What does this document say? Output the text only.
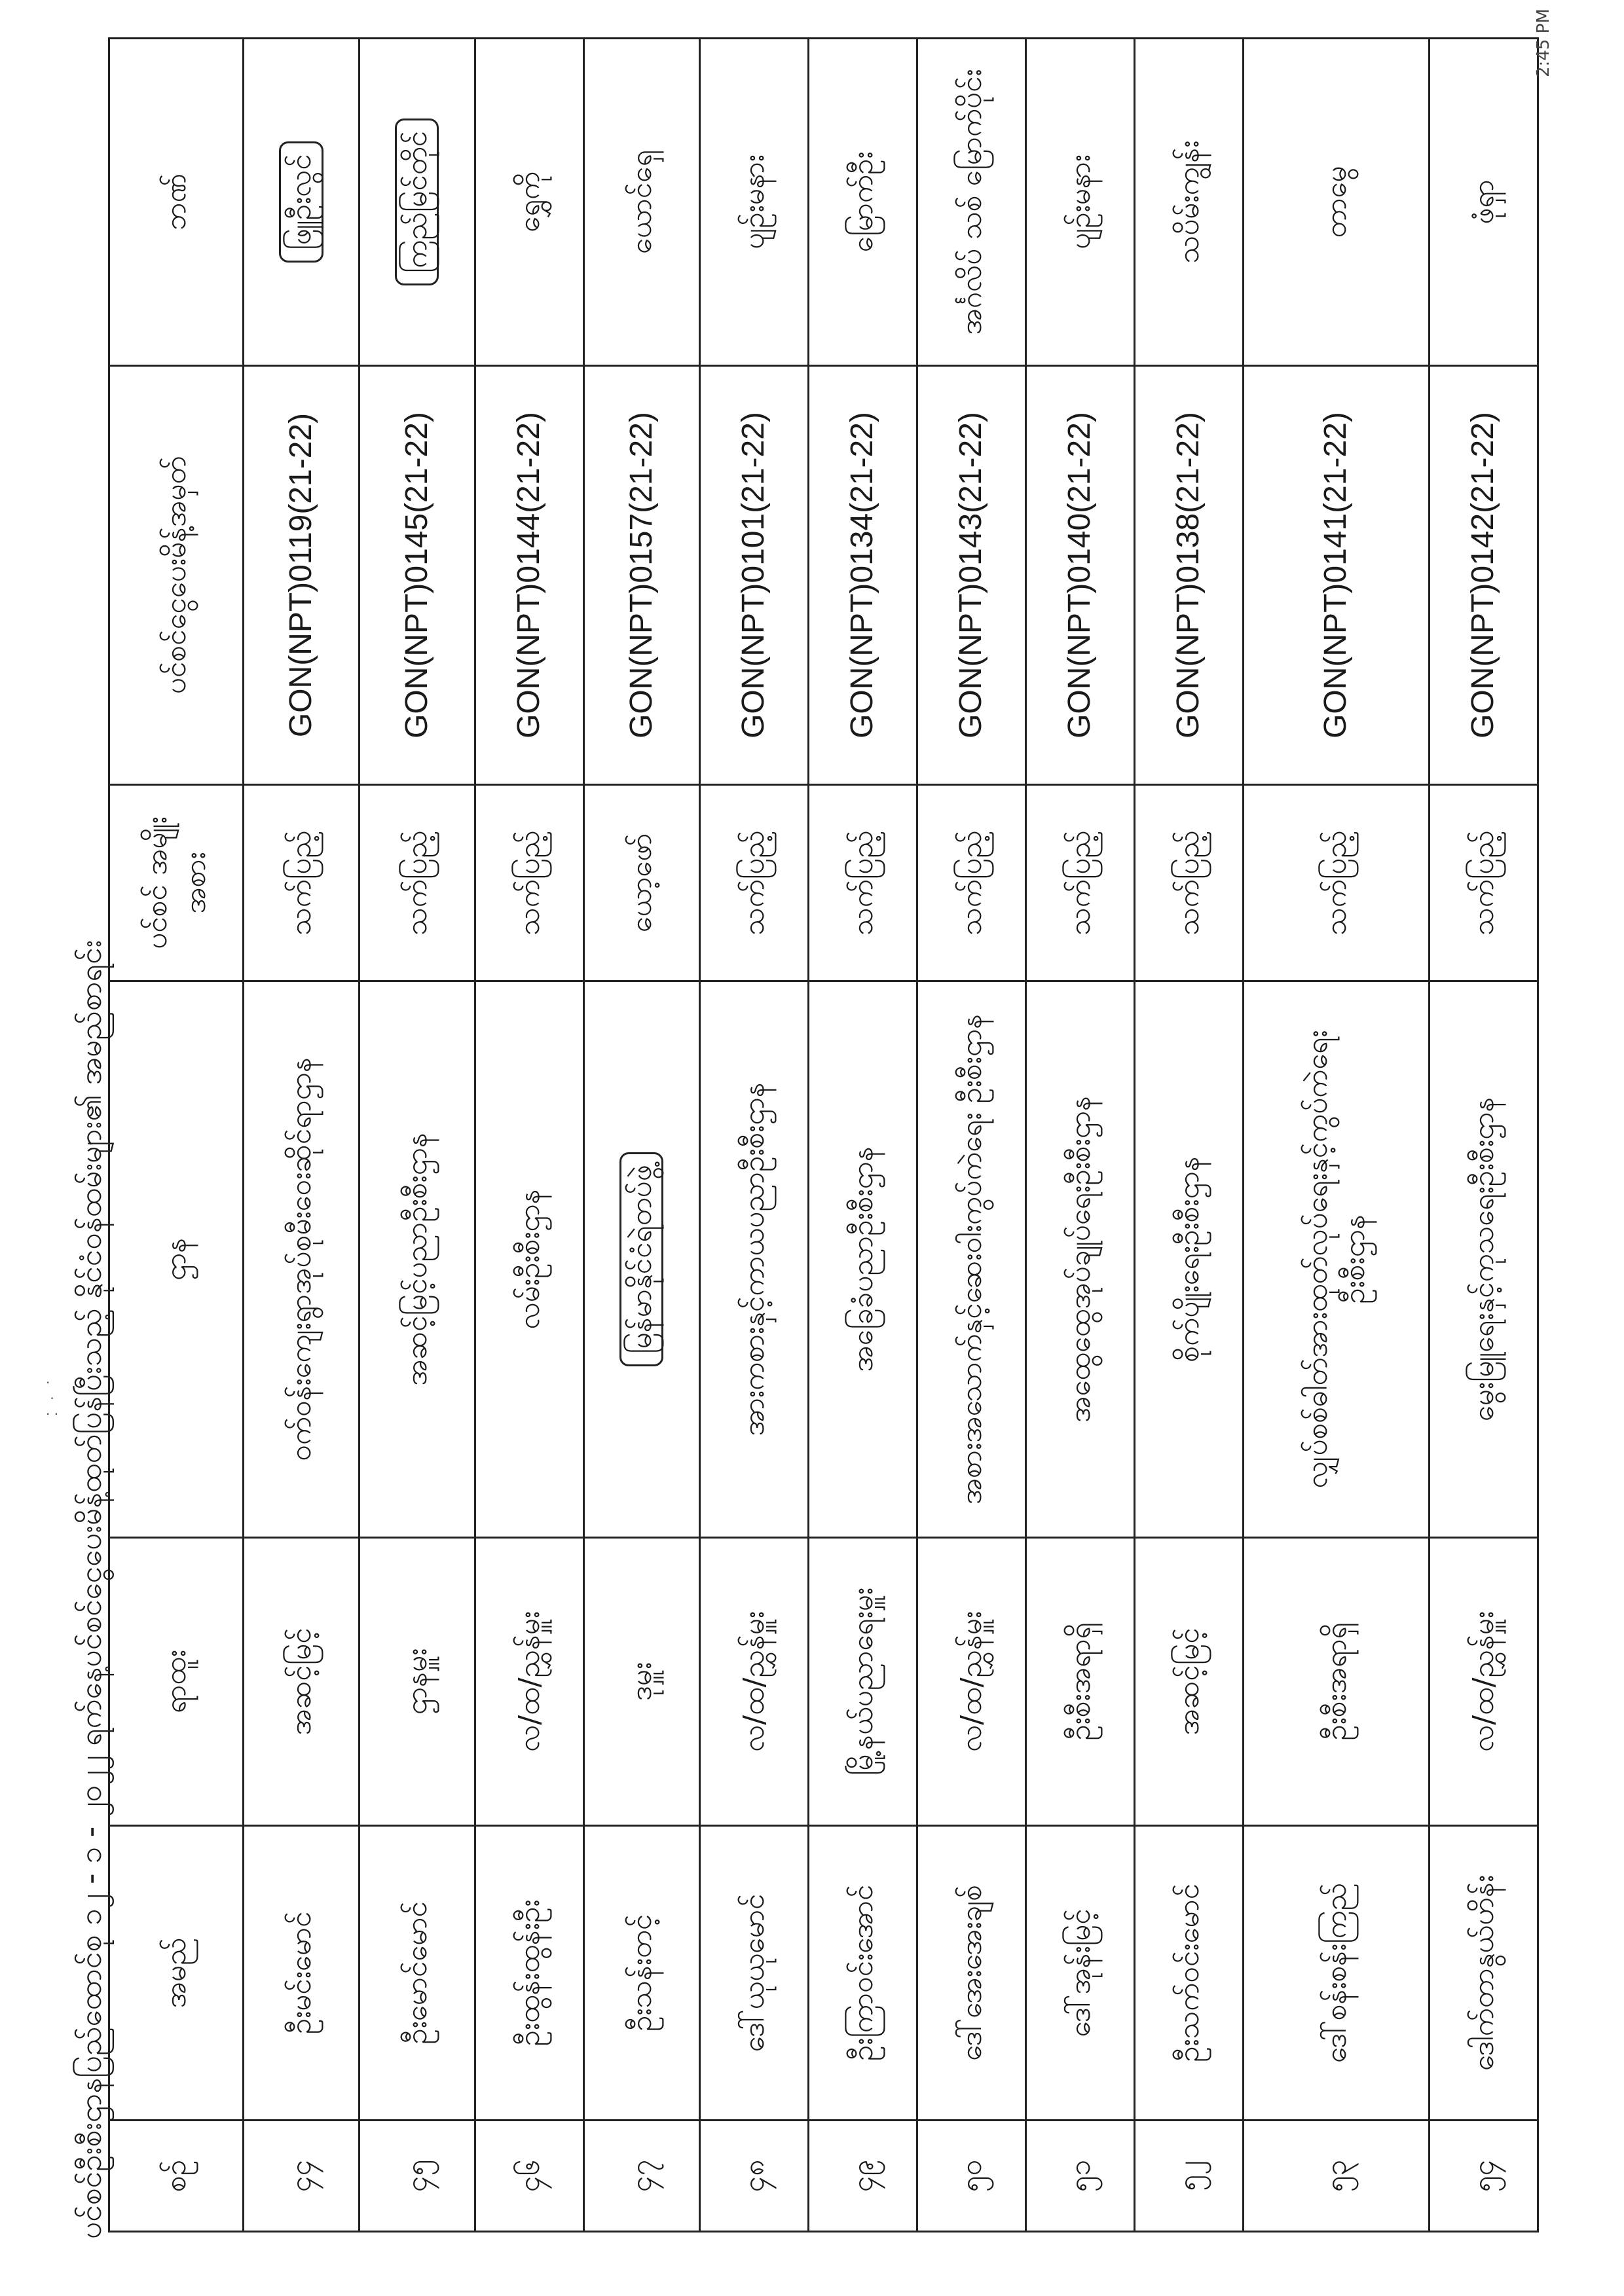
ပင်စင်ဦးစီးဌာနပြည်ထောင်စု ၁၂ - ၁ - ၂၀၂၂ ရက်နေ့ပင်စင်ငွေပေးမိန့်ထုတ်ပြန်ပြီးသည့် နိုင်ငံဝန်ထမ်းများ၏ အမည်စာရင်း စဉ်	အမည်	ရာထူး	ဌာန	ပင်စင် အမျိုးအစား	ပင်စင်ငွေပေးမိန့်အမှတ်	ဘဏ်
၄၄	ဦးမင်းမောင်	အဆင့်မြင့်	ဝက်ဝန်းကျေးရွာအုပ်စုမီးဝေးဆိုင်ရာဌာန	သက်ပြည့်	GON(NPT)0119(21-22)	ဖြူဦးလွင်
၄၅	ဦးမောင်မောင်	ဌာနမှူး	အဆင့်မြင့်ပညာဦးစီးဌာန	သက်ပြည့်	GON(NPT)0145(21-22)	ကြည်မြင်တိုင်
၄၆	ဦးထွန်းထွန်းဦး	လ/ထ/ညွှန်မှူး	လမ်းဦးစီးဌာန	သက်ပြည့်	GON(NPT)0144(21-22)	ရွှေကို
၄၇	ဦးသန်းတင့်	ဒုမှူး	မြန်မာနိုင်ငံရဲတပ်ဖွဲ့	ယော့ဖော်	GON(NPT)0157(21-22)	ယောင်ရှေ
၄၈	ဒေါ်ယုယုမောင်	လ/ထ/ညွှန်မှူး	အားကစားနှင့်ကာယပညာဦးစီးဌာန	သက်ပြည့်	GON(NPT)0101(21-22)	ပျဉ်းမနား
၄၉	ဦးကြာဝင်းအောင်	မြို့နယ်ပညာရေးမှူး	အခြေခံပညာဦးစီးဌာန	သက်ပြည့်	GON(NPT)0134(21-22)	မြောက်ဦး
၅၀	ဒေါ်အေးအေးချစ်	လ/ထ/ညွှန်မှူး	အစားအသောက်နှင့်ဆေးဝါးကွပ်ကဲရေး ဦးစီးဌာန	သက်ပြည့်	GON(NPT)0143(21-22)	အင်္ဂလိပ် သစ် မြောက်ပိုင်း
၅၁	ဒေါ်အုန်းမြင့်	ဦးစီးအရာရှိ	အထွေထွေအုပ်ချုပ်ရေးဦးစီးဌာန	သက်ပြည့်	GON(NPT)0140(21-22)	ပျဉ်းမနား
၅၂	ဦးသက်ဝင်းမောင်	အဆင့်မြင့်	စိုက်ပျိုးရေးဦးစီးဌာန	သက်ပြည့်	GON(NPT)0138(21-22)	သပိမ်းကျွန်း
၅၃	ဒေါ်စန်းစန်းကြည်	ဦးစီးအရာရှိ	လျှပ်စစ်ဓါတ်အားထုတ်လုပ်ရေးနှင့်ကွပ်ကဲရေး ဦးစီးဌာန	သက်ပြည့်	GON(NPT)0141(21-22)	တာမွေ
၅၄	ဒေါက်တာနွယ်ဟိန်း	လ/ထ/ညွှန်မှူး	မွေးမြူရေးနှင့်ကုသရေးဦးစီးဌာန	သက်ပြည့်	GON(NPT)0142(21-22)	ဖုံရှာ
2:45 PM
·
·
· ·
